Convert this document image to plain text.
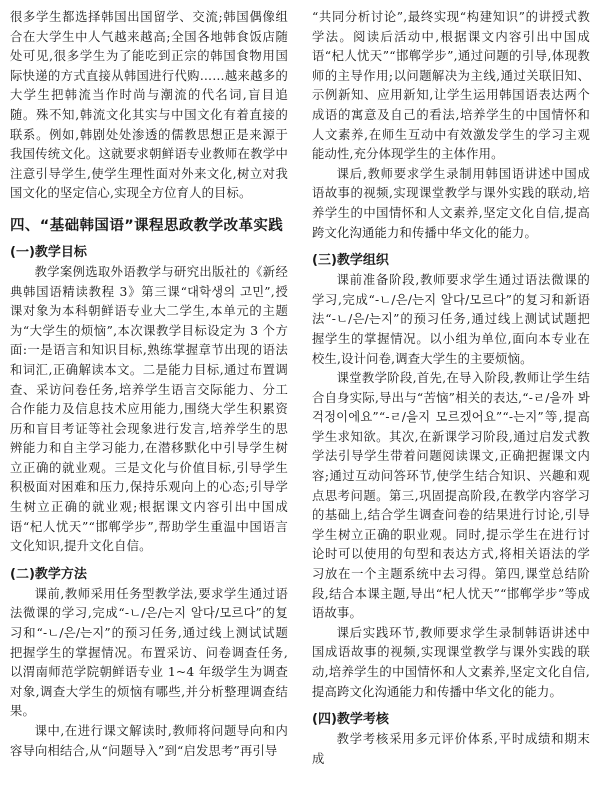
很多学生都选择韩国出国留学、交流;韩国偶像组合在大学生中人气越来越高;全国各地韩食饭店随处可见,很多学生为了能吃到正宗的韩国食物用国际快递的方式直接从韩国进行代购……越来越多的大学生把韩流当作时尚与潮流的代名词,盲目追随。殊不知,韩流文化其实与中国文化有着直接的联系。例如,韩剧处处渗透的儒教思想正是来源于我国传统文化。这就要求朝鲜语专业教师在教学中注意引导学生,使学生理性面对外来文化,树立对我国文化的坚定信心,实现全方位育人的目标。

四、“基础韩国语”课程思政教学改革实践
(一)教学目标

教学案例选取外语教学与研究出版社的《新经典韩国语精读教程 3》第三课“대학생의 고민”,授课对象为本科朝鲜语专业大二学生,本单元的主题为“大学生的烦恼”,本次课教学目标设定为 3 个方面:一是语言和知识目标,熟练掌握章节出现的语法和词汇,正确解读本文。二是能力目标,通过布置调查、采访问卷任务,培养学生语言交际能力、分工合作能力及信息技术应用能力,围绕大学生积累资历和盲目考证等社会现象进行发言,培养学生的思辨能力和自主学习能力,在潜移默化中引导学生树立正确的就业观。三是文化与价值目标,引导学生积极面对困难和压力,保持乐观向上的心态;引导学生树立正确的就业观;根据课文内容引出中国成语“杞人忧天”“邯郸学步”,帮助学生重温中国语言文化知识,提升文化自信。

(二)教学方法

课前,教师采用任务型教学法,要求学生通过语法微课的学习,完成“-ㄴ/은/는지 알다/모르다”的复习和“-ㄴ/은/는지”的预习任务,通过线上测试试题把握学生的掌握情况。布置采访、问卷调查任务,以渭南师范学院朝鲜语专业 1~4 年级学生为调查对象,调查大学生的烦恼有哪些,并分析整理调查结果。

课中,在进行课文解读时,教师将问题导向和内容导向相结合,从“问题导入”到“启发思考”再引导

“共同分析讨论”,最终实现“构建知识”的讲授式教学法。阅读后活动中,根据课文内容引出中国成语“杞人忧天”“邯郸学步”,通过问题的引导,体现教师的主导作用;以问题解决为主线,通过关联旧知、示例新知、应用新知,让学生运用韩国语表达两个成语的寓意及自己的看法,培养学生的中国情怀和人文素养,在师生互动中有效激发学生的学习主观能动性,充分体现学生的主体作用。

课后,教师要求学生录制用韩国语讲述中国成语故事的视频,实现课堂教学与课外实践的联动,培养学生的中国情怀和人文素养,坚定文化自信,提高跨文化沟通能力和传播中华文化的能力。

(三)教学组织

课前准备阶段,教师要求学生通过语法微课的学习,完成“-ㄴ/은/는지 알다/모르다”的复习和新语法“-ㄴ/은/는지”的预习任务,通过线上测试试题把握学生的掌握情况。以小组为单位,面向本专业在校生,设计问卷,调查大学生的主要烦恼。

课堂教学阶段,首先,在导入阶段,教师让学生结合自身实际,导出与“苦恼”相关的表达,“-ㄹ/을까 봐걱정이에요”“-ㄹ/을지 모르겠어요”“-는지”等,提高学生求知欲。其次,在新课学习阶段,通过启发式教学法引导学生带着问题阅读课文,正确把握课文内容;通过互动问答环节,使学生结合知识、兴趣和观点思考问题。第三,巩固提高阶段,在教学内容学习的基础上,结合学生调查问卷的结果进行讨论,引导学生树立正确的职业观。同时,提示学生在进行讨论时可以使用的句型和表达方式,将相关语法的学习放在一个主题系统中去习得。第四,课堂总结阶段,结合本课主题,导出“杞人忧天”“邯郸学步”等成语故事。

课后实践环节,教师要求学生录制韩语讲述中国成语故事的视频,实现课堂教学与课外实践的联动,培养学生的中国情怀和人文素养,坚定文化自信,提高跨文化沟通能力和传播中华文化的能力。

(四)教学考核

教学考核采用多元评价体系,平时成绩和期末成
